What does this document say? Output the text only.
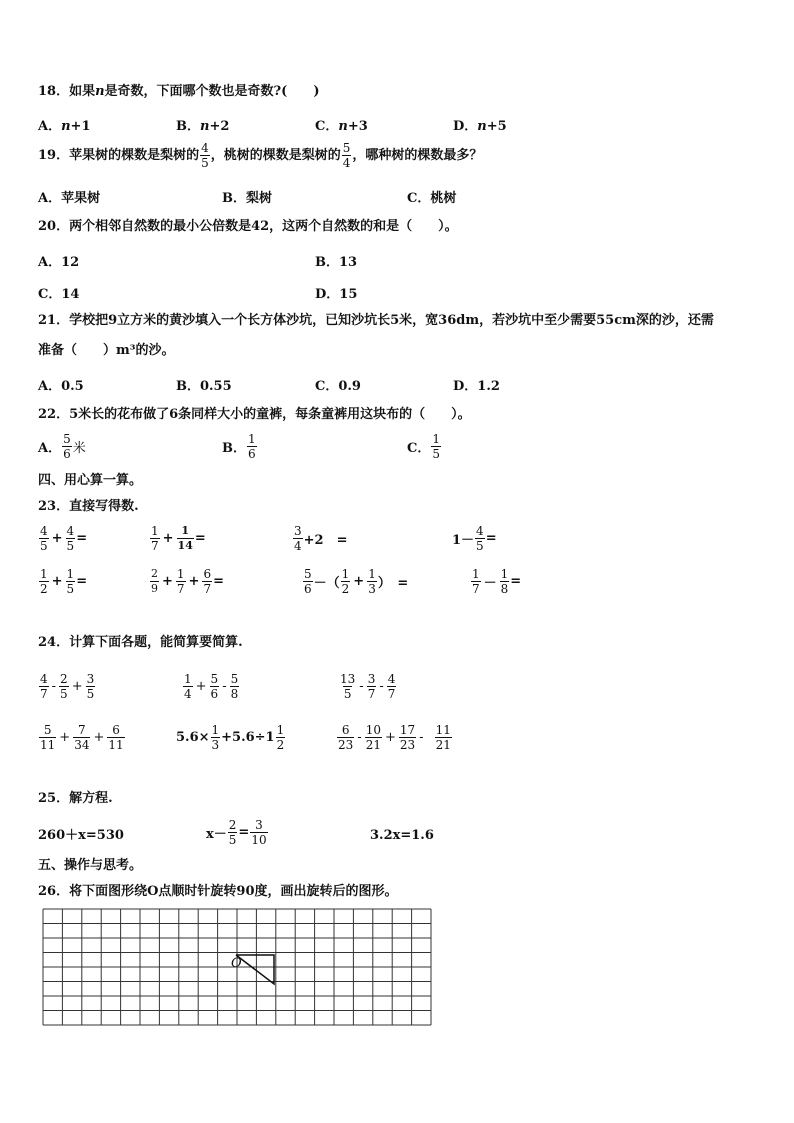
18．如果n是奇数，下面哪个数也是奇数?(　　)
A．n+1	B．n+2	C．n+3	D．n+5
19．苹果树的棵数是梨树的 $\frac{4}{5}$ ，桃树的棵数是梨树的 $\frac{5}{4}$ ，哪种树的棵数最多？
A．苹果树	B．梨树	C．桃树
20．两个相邻自然数的最小公倍数是42，这两个自然数的和是（　　）。
A．12	B．13
C．14	D．15
21．学校把9立方米的黄沙填入一个长方体沙坑，已知沙坑长5米，宽36dm，若沙坑中至少需要55cm深的沙，还需
准备（　　）m³的沙。
A．0.5	B．0.55	C．0.9	D．1.2
22．5米长的花布做了6条同样大小的童裤，每条童裤用这块布的（　　）。
A． $\frac{5}{6}$ 米	B． $\frac{1}{6}$	C． $\frac{1}{5}$
四、用心算一算。
23．直接写得数.
$\frac{4}{5} + \frac{4}{5}$ =	$\frac{1}{7} + \frac{1}{14}$ =	$\frac{3}{4} +2$　=	$1- \frac{4}{5}$ =
$\frac{1}{2} + \frac{1}{5}$ =	$\frac{2}{9} + \frac{1}{7} + \frac{6}{7}$ =	$\frac{5}{6}$ －（ $\frac{1}{2} + \frac{1}{3}$ ）　=	$\frac{1}{7} - \frac{1}{8}$ =
24．计算下面各题，能简算要简算.
$\frac{4}{7} - \frac{2}{5} + \frac{3}{5}$	$\frac{1}{4} + \frac{5}{6} - \frac{5}{8}$	$\frac{13}{5} - \frac{3}{7} - \frac{4}{7}$
$\frac{5}{11} + \frac{7}{34} + \frac{6}{11}$	$5.6\times \frac{1}{3} +5.6\div 1 \frac{1}{2}$	$\frac{6}{23} - \frac{10}{21} + \frac{17}{23} - \frac{11}{21}$
25．解方程.
260＋x=530	$x- \frac{2}{5} = \frac{3}{10}$	3.2x=1.6
五、操作与思考。
26．将下面图形绕O点顺时针旋转90度，画出旋转后的图形。
O
